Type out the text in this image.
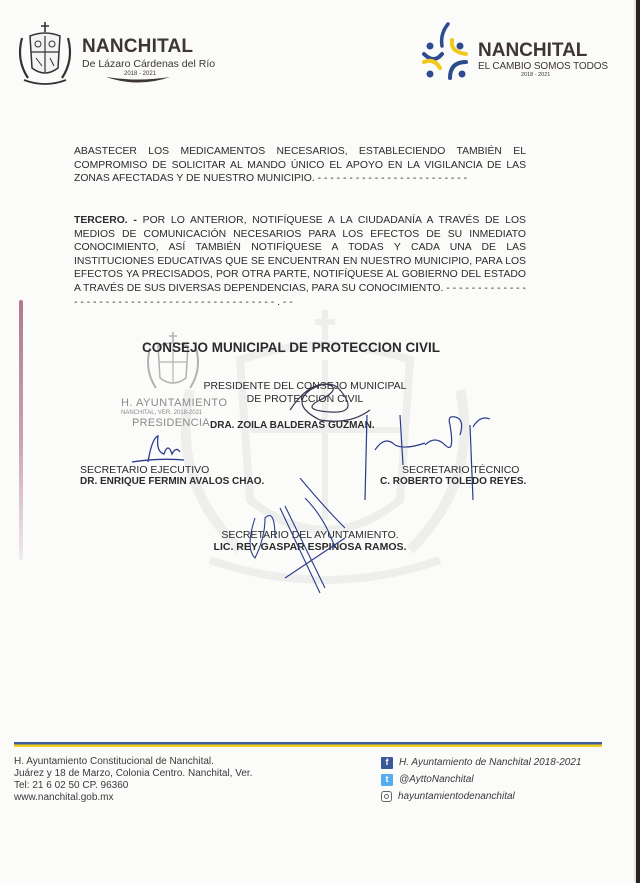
NANCHITAL
De Lázaro Cárdenas del Río
2018 - 2021
NANCHITAL
EL CAMBIO SOMOS TODOS
2018 - 2021
ABASTECER LOS MEDICAMENTOS NECESARIOS, ESTABLECIENDO TAMBIÉN EL COMPROMISO DE SOLICITAR AL MANDO ÚNICO EL APOYO EN LA VIGILANCIA DE LAS ZONAS AFECTADAS Y DE NUESTRO MUNICIPIO. - - - - - - - - - - - - - - - - - - - - - - - -
TERCERO. - POR LO ANTERIOR, NOTIFÍQUESE A LA CIUDADANÍA A TRAVÉS DE LOS MEDIOS DE COMUNICACIÓN NECESARIOS PARA LOS EFECTOS DE SU INMEDIATO CONOCIMIENTO, ASÍ TAMBIÉN NOTIFÍQUESE A TODAS Y CADA UNA DE LAS INSTITUCIONES EDUCATIVAS QUE SE ENCUENTRAN EN NUESTRO MUNICIPIO, PARA LOS EFECTOS YA PRECISADOS, POR OTRA PARTE, NOTIFÍQUESE AL GOBIERNO DEL ESTADO A TRAVÉS DE SUS DIVERSAS DEPENDENCIAS, PARA SU CONOCIMIENTO. - - - - - - - - - - - - - - - - - - - - - - - - - - - - - - - - - - - - - - - - - - - - - . - -
CONSEJO MUNICIPAL DE PROTECCION CIVIL
H. AYUNTAMIENTO
NANCHITAL, VER. 2018-2021
PRESIDENCIA
PRESIDENTE DEL CONSEJO MUNICIPAL
DE PROTECCION CIVIL
DRA. ZOILA BALDERAS GUZMAN.
SECRETARIO EJECUTIVO
DR. ENRIQUE FERMIN AVALOS CHAO.
SECRETARIO TÉCNICO
C. ROBERTO TOLEDO REYES.
SECRETARIO DEL AYUNTAMIENTO.
LIC. REY GASPAR ESPINOSA RAMOS.
H. Ayuntamiento Constitucional de Nanchital.
Juárez y 18 de Marzo, Colonia Centro. Nanchital, Ver.
Tel: 21 6 02 50 CP. 96360
www.nanchital.gob.mx
f	H. Ayuntamiento de Nanchital 2018-2021
t	@AyttoNanchital
hayuntamientodenanchital
